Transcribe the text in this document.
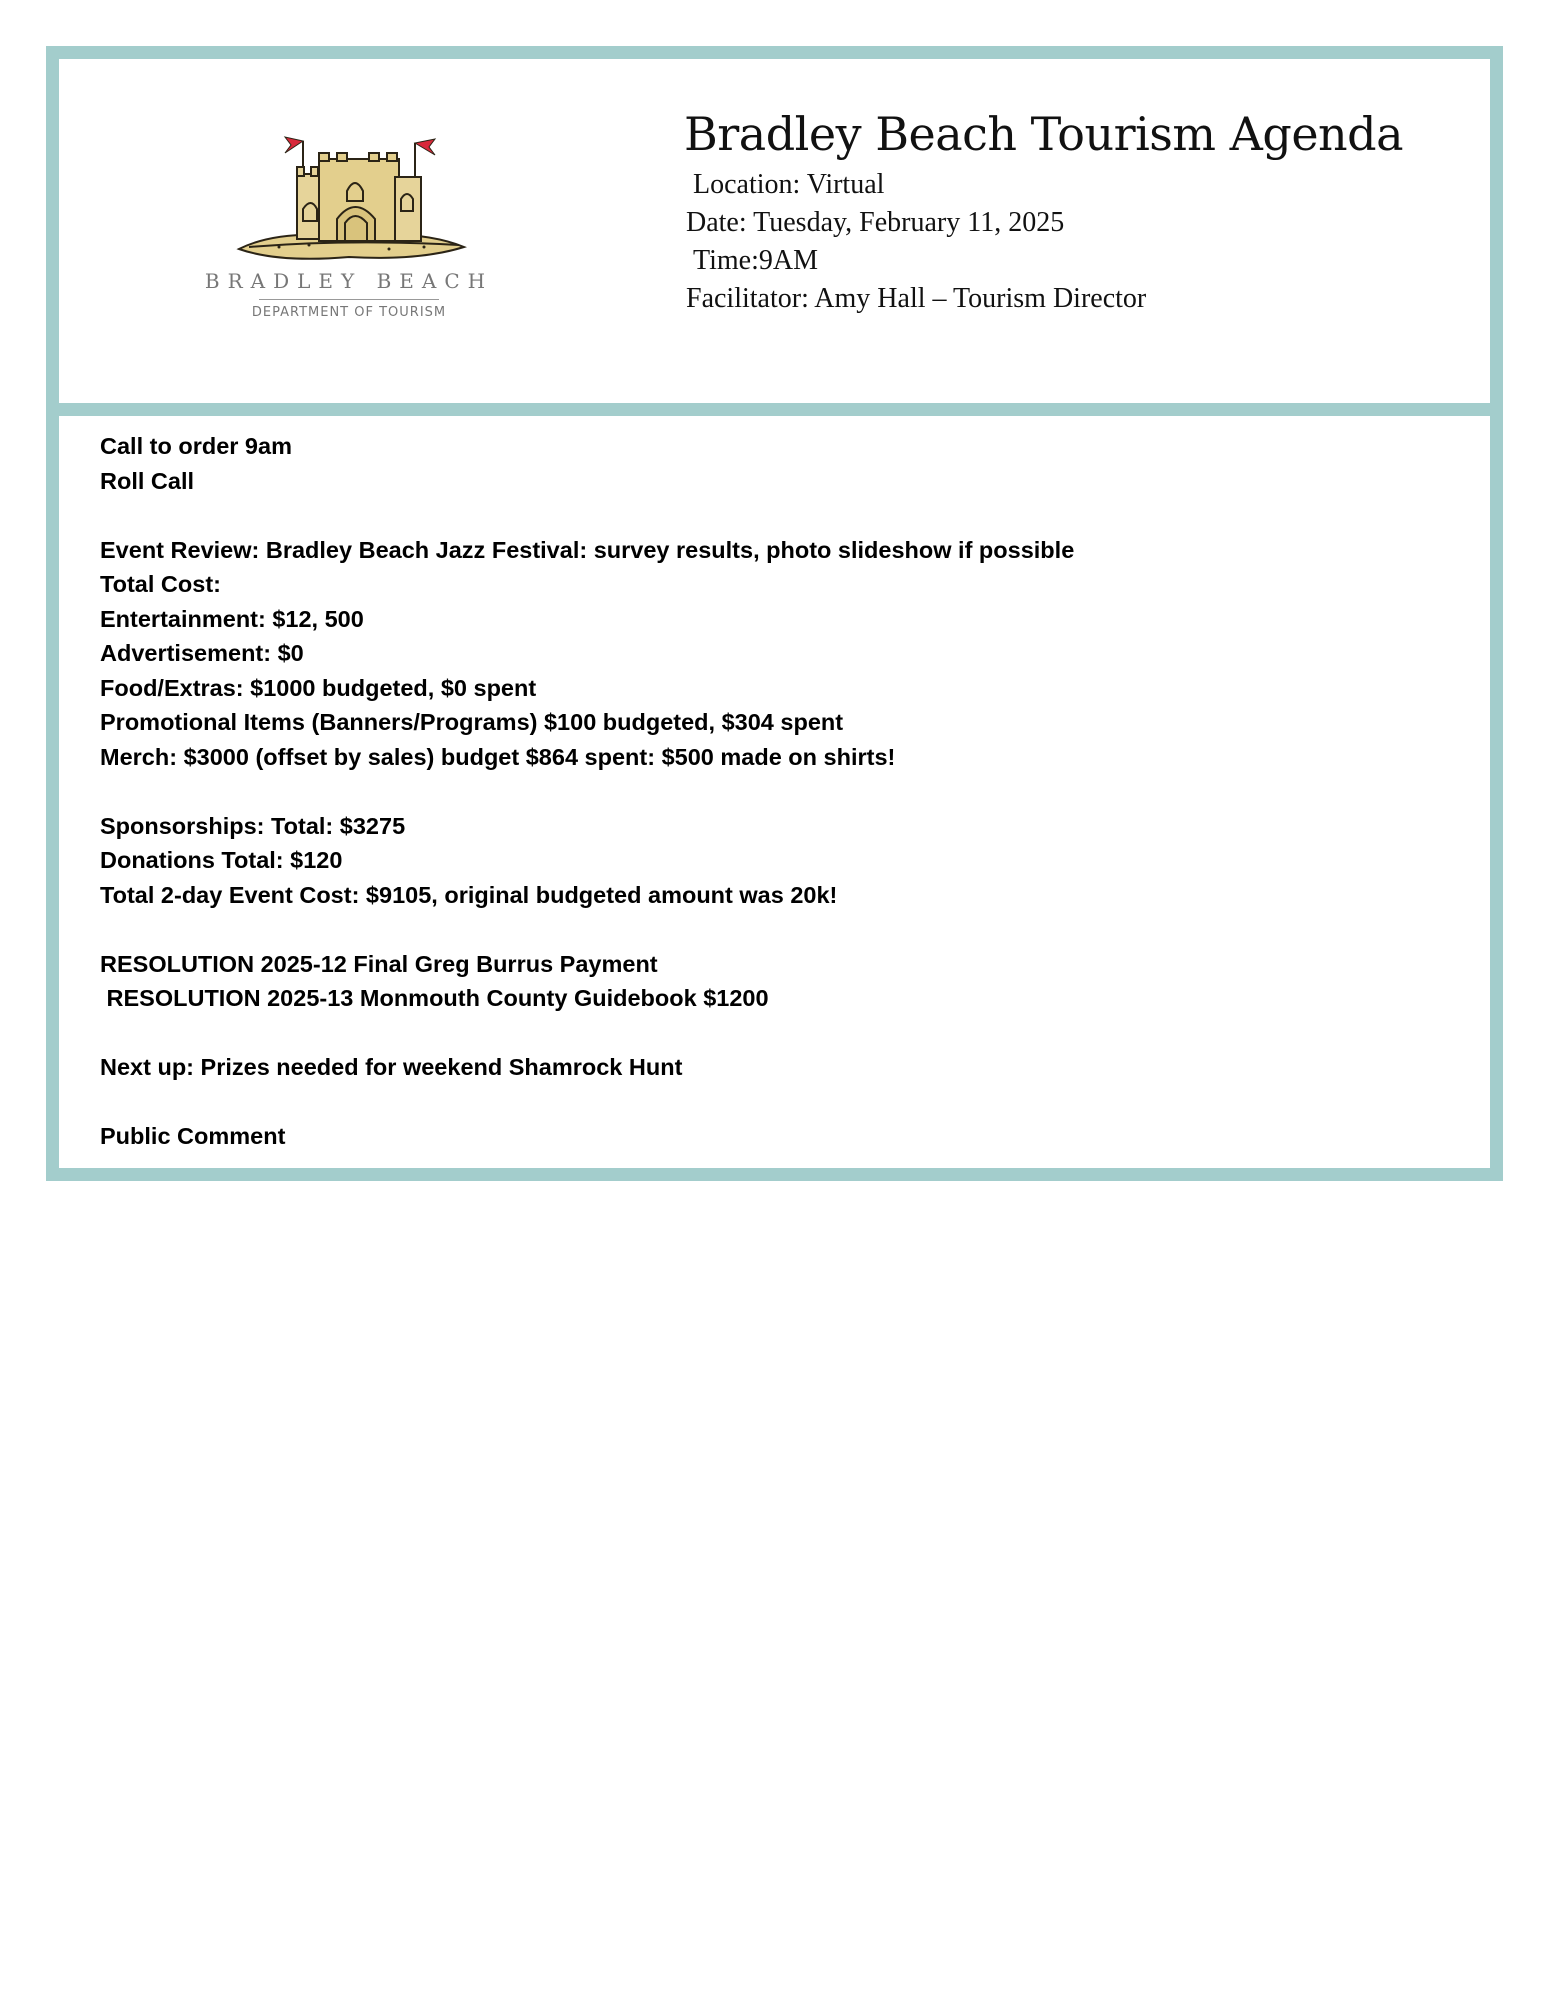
BRADLEY BEACH
DEPARTMENT OF TOURISM
Bradley Beach Tourism Agenda
Location: Virtual
Date: Tuesday, February 11, 2025
Time:9AM
Facilitator: Amy Hall – Tourism Director
Call to order 9am
Roll Call
Event Review: Bradley Beach Jazz Festival: survey results, photo slideshow if possible
Total Cost:
Entertainment: $12, 500
Advertisement: $0
Food/Extras: $1000 budgeted, $0 spent
Promotional Items (Banners/Programs) $100 budgeted, $304 spent
Merch: $3000 (offset by sales) budget $864 spent: $500 made on shirts!
Sponsorships: Total: $3275
Donations Total: $120
Total 2-day Event Cost: $9105, original budgeted amount was 20k!
RESOLUTION 2025-12 Final Greg Burrus Payment
RESOLUTION 2025-13 Monmouth County Guidebook $1200
Next up: Prizes needed for weekend Shamrock Hunt
Public Comment
